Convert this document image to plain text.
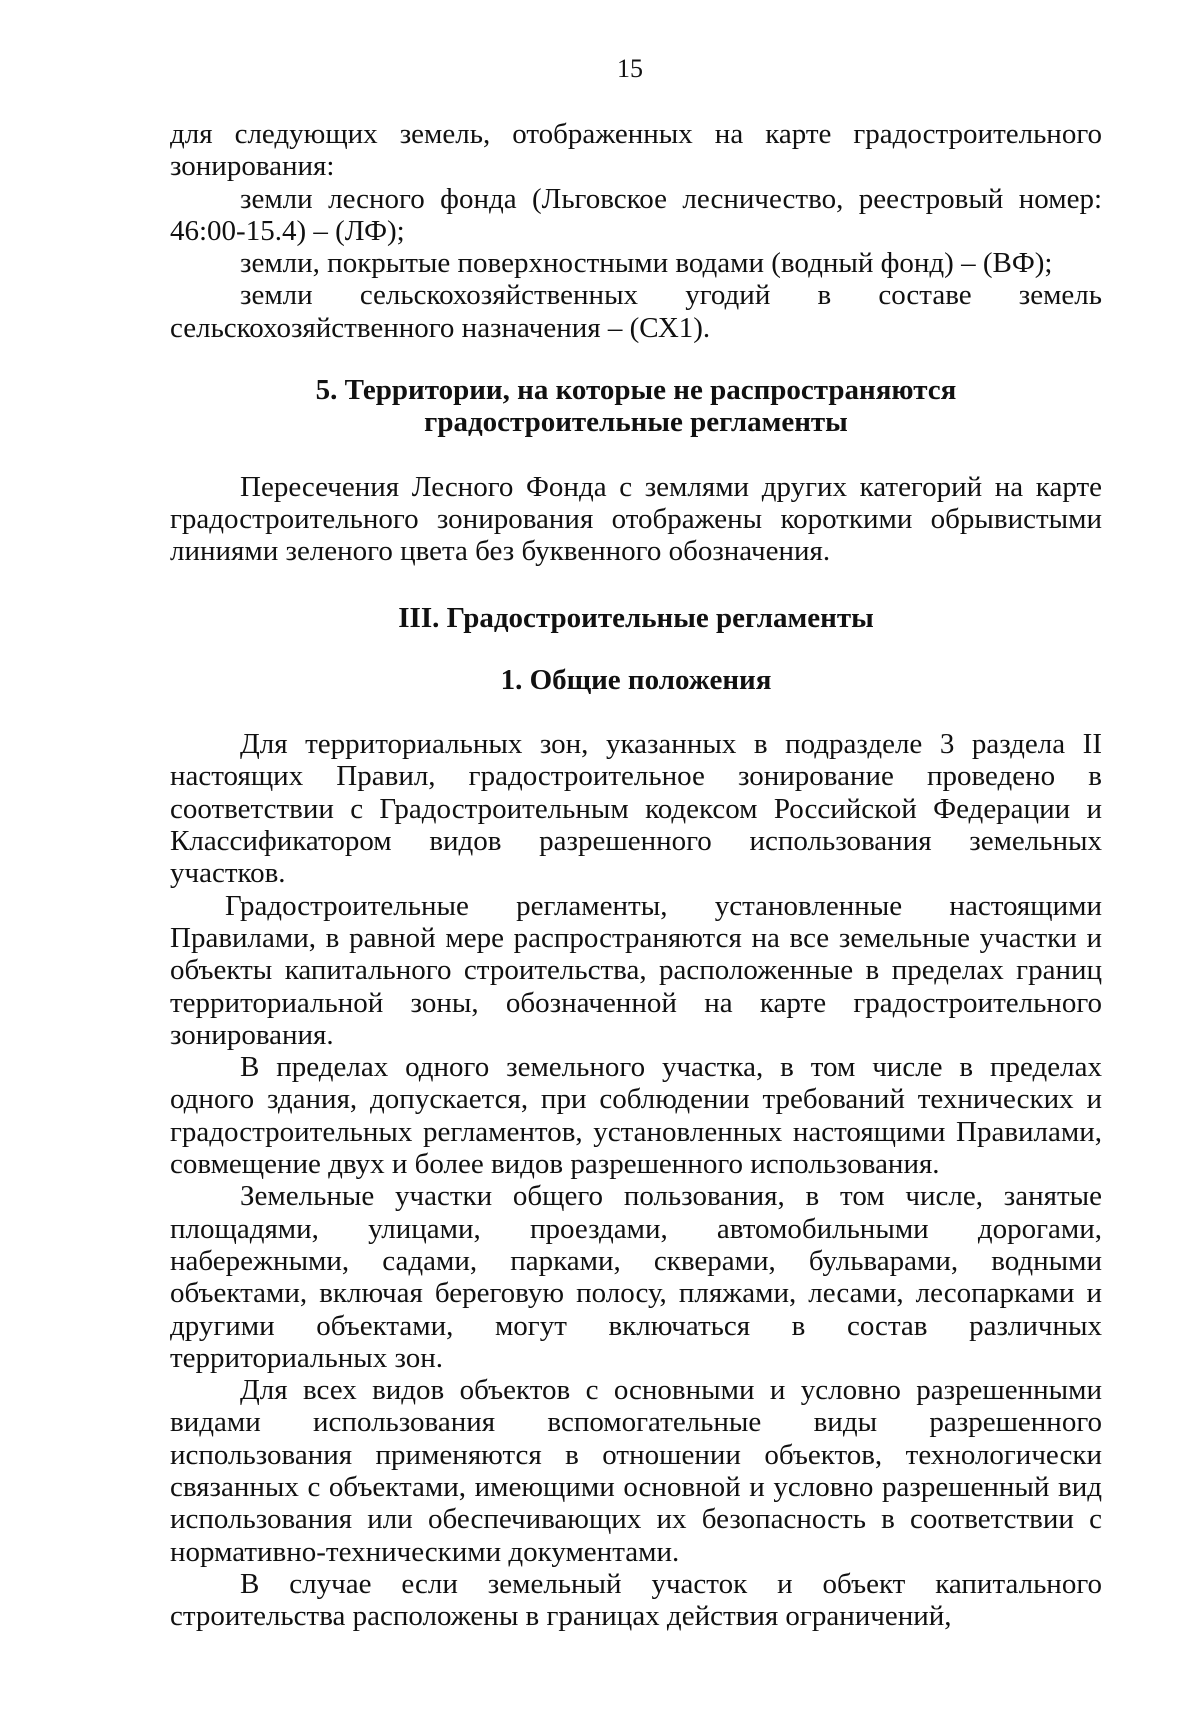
15

для следующих земель, отображенных на карте градостроительного зонирования:

земли лесного фонда (Льговское лесничество, реестровый номер: 46:00-15.4) – (ЛФ);

земли, покрытые поверхностными водами (водный фонд) – (ВФ);

земли сельскохозяйственных угодий в составе земель сельскохозяйственного назначения – (СХ1).

5. Территории, на которые не распространяются

градостроительные регламенты

Пересечения Лесного Фонда с землями других категорий на карте градостроительного зонирования отображены короткими обрывистыми линиями зеленого цвета без буквенного обозначения.

III. Градостроительные регламенты

1. Общие положения

Для территориальных зон, указанных в подразделе 3 раздела II настоящих Правил, градостроительное зонирование проведено в соответствии с Градостроительным кодексом Российской Федерации и Классификатором видов разрешенного использования земельных участков.

Градостроительные регламенты, установленные настоящими Правилами, в равной мере распространяются на все земельные участки и объекты капитального строительства, расположенные в пределах границ территориальной зоны, обозначенной на карте градостроительного зонирования.

В пределах одного земельного участка, в том числе в пределах одного здания, допускается, при соблюдении требований технических и градостроительных регламентов, установленных настоящими Правилами, совмещение двух и более видов разрешенного использования.

Земельные участки общего пользования, в том числе, занятые площадями, улицами, проездами, автомобильными дорогами, набережными, садами, парками, скверами, бульварами, водными объектами, включая береговую полосу, пляжами, лесами, лесопарками и другими объектами, могут включаться в состав различных территориальных зон.

Для всех видов объектов с основными и условно разрешенными видами использования вспомогательные виды разрешенного использования применяются в отношении объектов, технологически связанных с объектами, имеющими основной и условно разрешенный вид использования или обеспечивающих их безопасность в соответствии с нормативно-техническими документами.

В случае если земельный участок и объект капитального строительства расположены в границах действия ограничений,
